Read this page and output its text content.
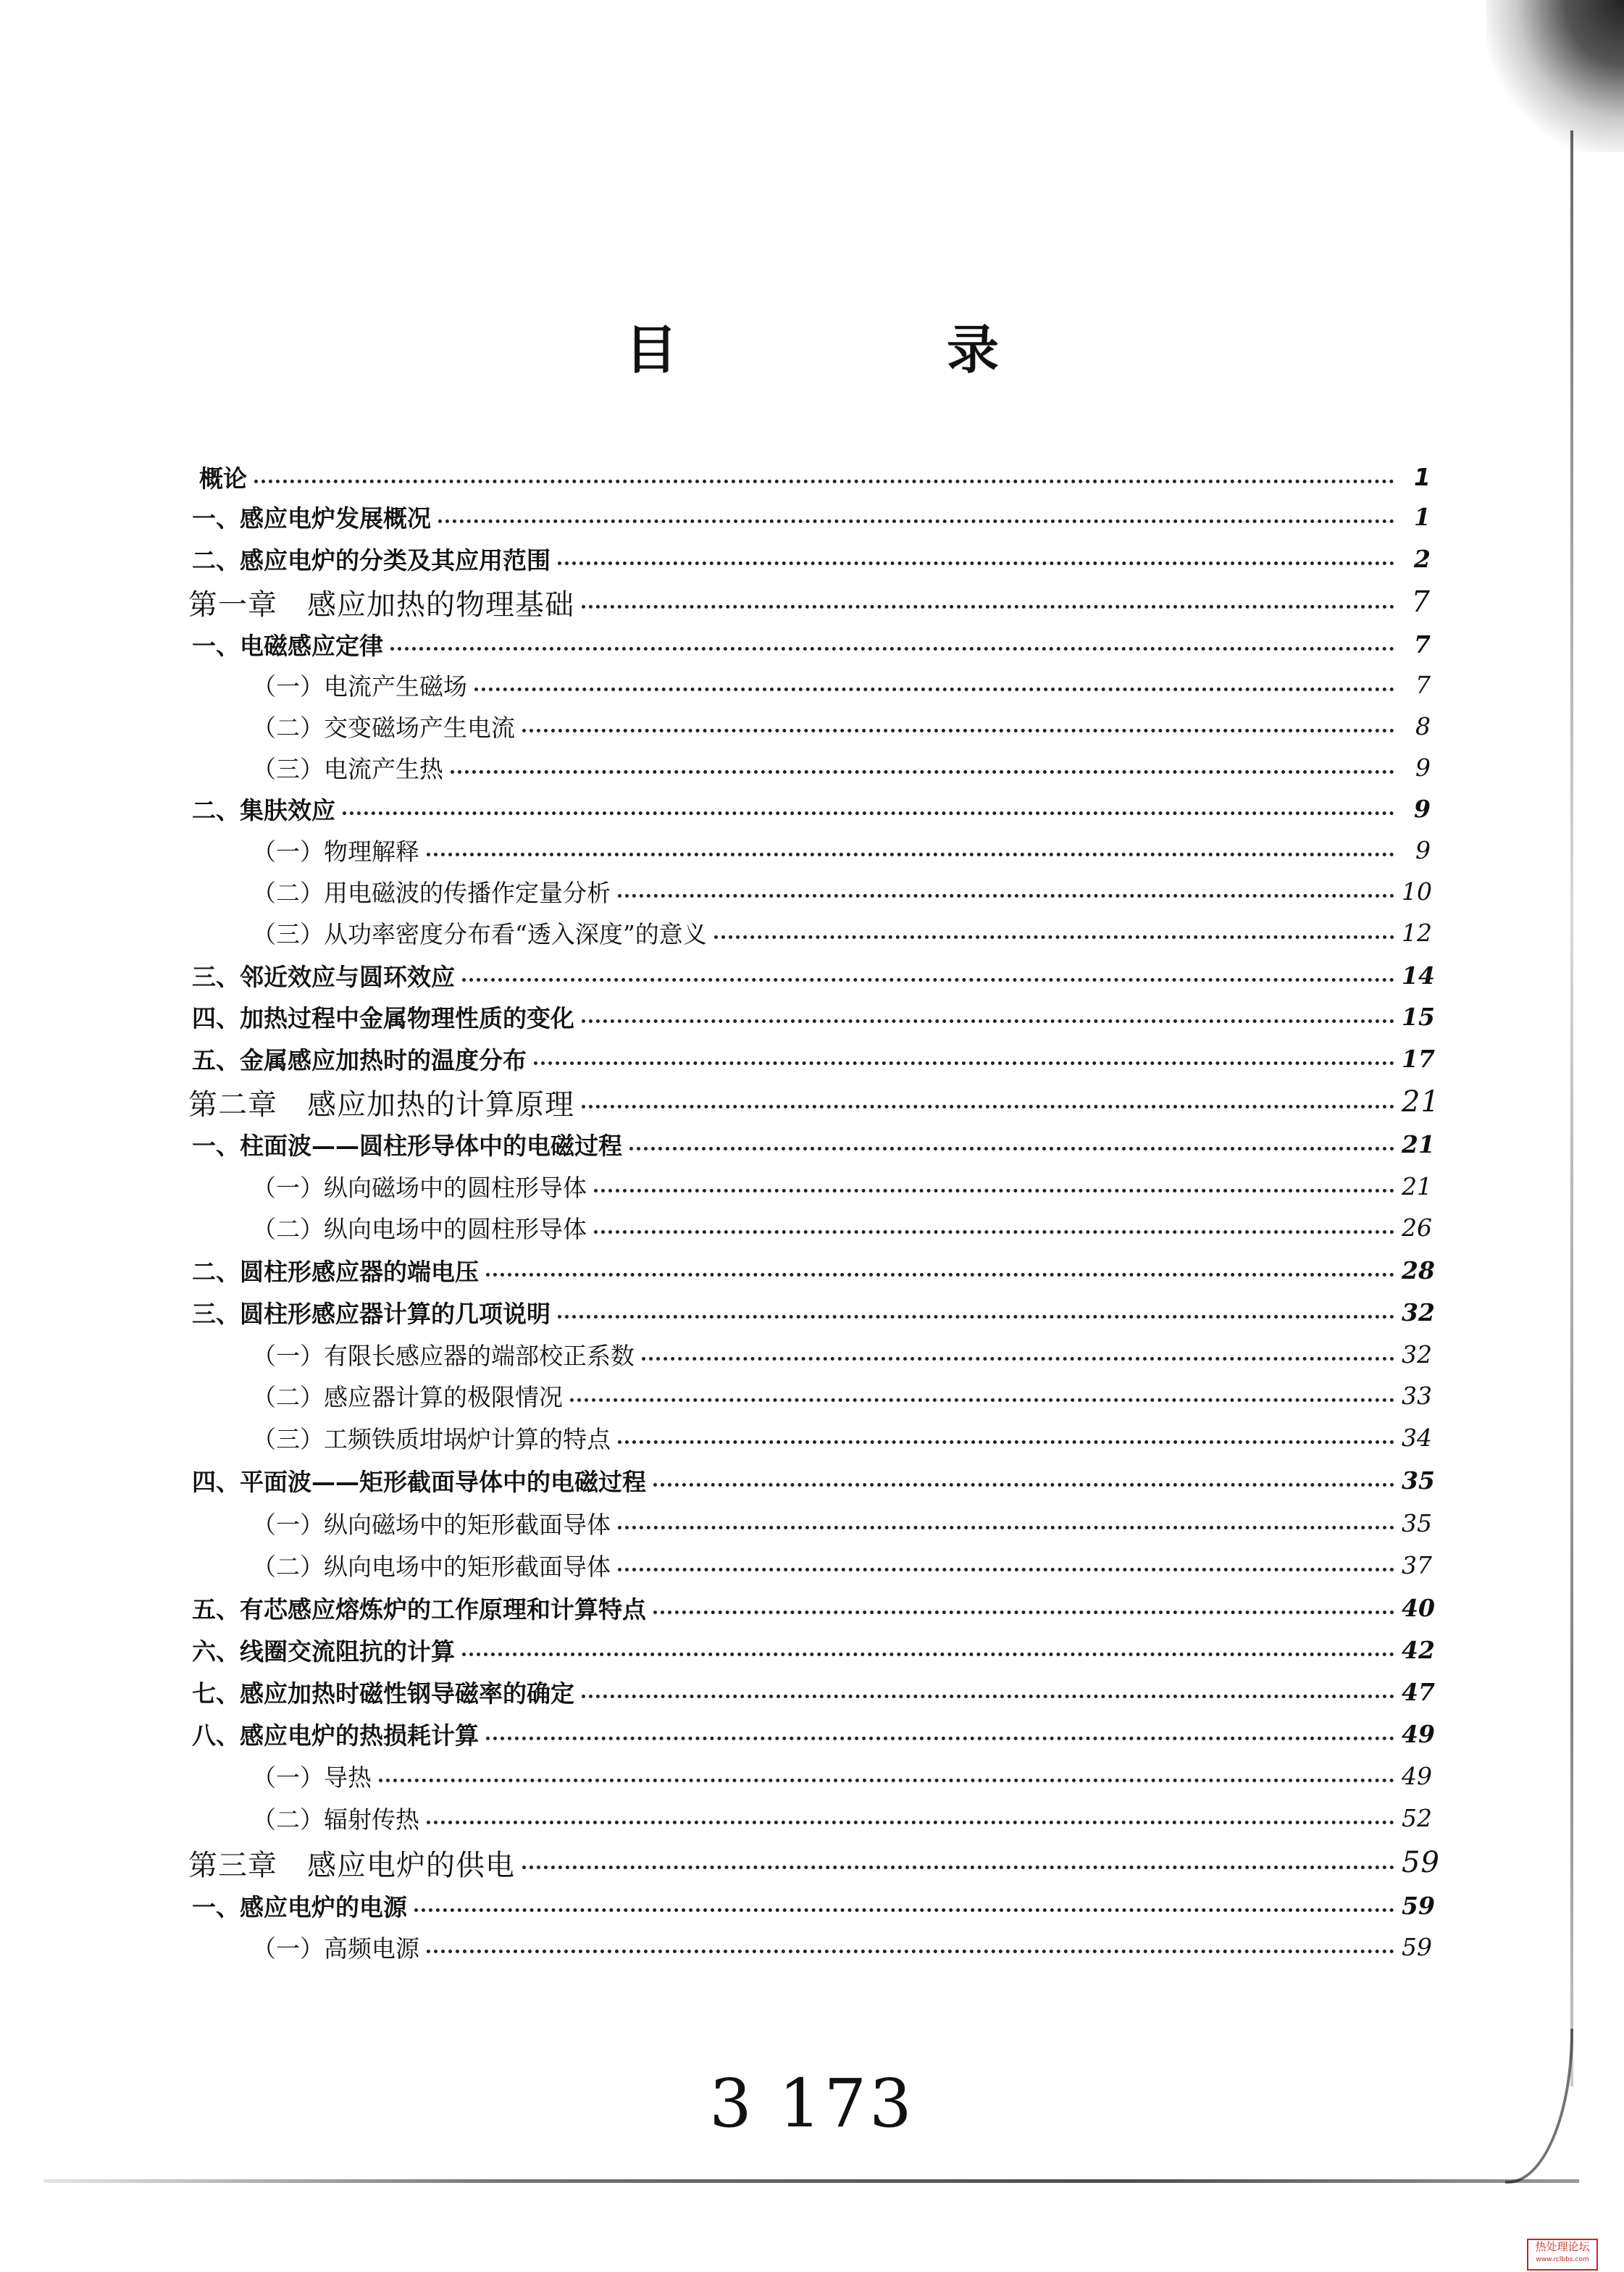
目　录
概论	1
一、感应电炉发展概况	1
二、感应电炉的分类及其应用范围	2
第一章　感应加热的物理基础	7
一、电磁感应定律	7
（一）电流产生磁场	7
（二）交变磁场产生电流	8
（三）电流产生热	9
二、集肤效应	9
（一）物理解释	9
（二）用电磁波的传播作定量分析	10
（三）从功率密度分布看“透入深度”的意义	12
三、邻近效应与圆环效应	14
四、加热过程中金属物理性质的变化	15
五、金属感应加热时的温度分布	17
第二章　感应加热的计算原理	21
一、柱面波——圆柱形导体中的电磁过程	21
（一）纵向磁场中的圆柱形导体	21
（二）纵向电场中的圆柱形导体	26
二、圆柱形感应器的端电压	28
三、圆柱形感应器计算的几项说明	32
（一）有限长感应器的端部校正系数	32
（二）感应器计算的极限情况	33
（三）工频铁质坩埚炉计算的特点	34
四、平面波——矩形截面导体中的电磁过程	35
（一）纵向磁场中的矩形截面导体	35
（二）纵向电场中的矩形截面导体	37
五、有芯感应熔炼炉的工作原理和计算特点	40
六、线圈交流阻抗的计算	42
七、感应加热时磁性钢导磁率的确定	47
八、感应电炉的热损耗计算	49
（一）导热	49
（二）辐射传热	52
第三章　感应电炉的供电	59
一、感应电炉的电源	59
（一）高频电源	59
3 173
热处理论坛
www.rclbbs.com
